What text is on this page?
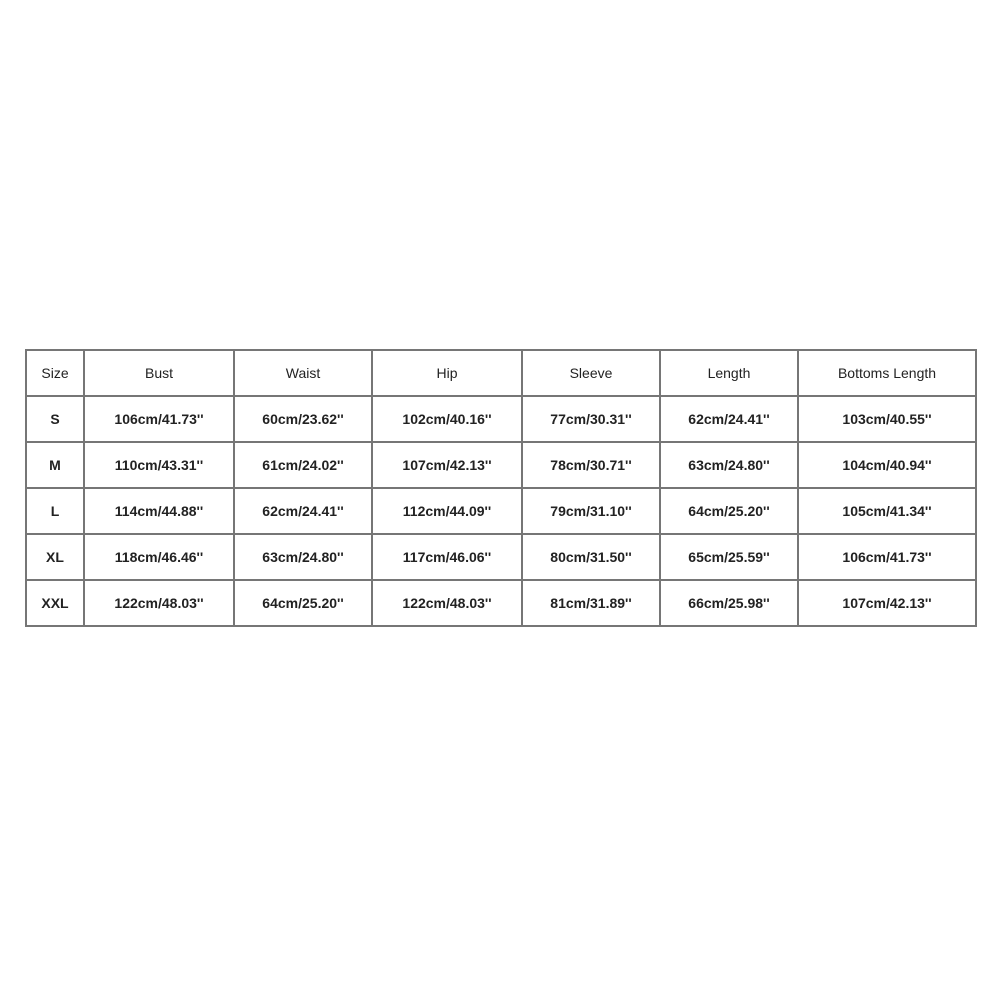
Size	Bust	Waist	Hip	Sleeve	Length	Bottoms Length
S	106cm/41.73''	60cm/23.62''	102cm/40.16''	77cm/30.31''	62cm/24.41''	103cm/40.55''
M	110cm/43.31''	61cm/24.02''	107cm/42.13''	78cm/30.71''	63cm/24.80''	104cm/40.94''
L	114cm/44.88''	62cm/24.41''	112cm/44.09''	79cm/31.10''	64cm/25.20''	105cm/41.34''
XL	118cm/46.46''	63cm/24.80''	117cm/46.06''	80cm/31.50''	65cm/25.59''	106cm/41.73''
XXL	122cm/48.03''	64cm/25.20''	122cm/48.03''	81cm/31.89''	66cm/25.98''	107cm/42.13''
